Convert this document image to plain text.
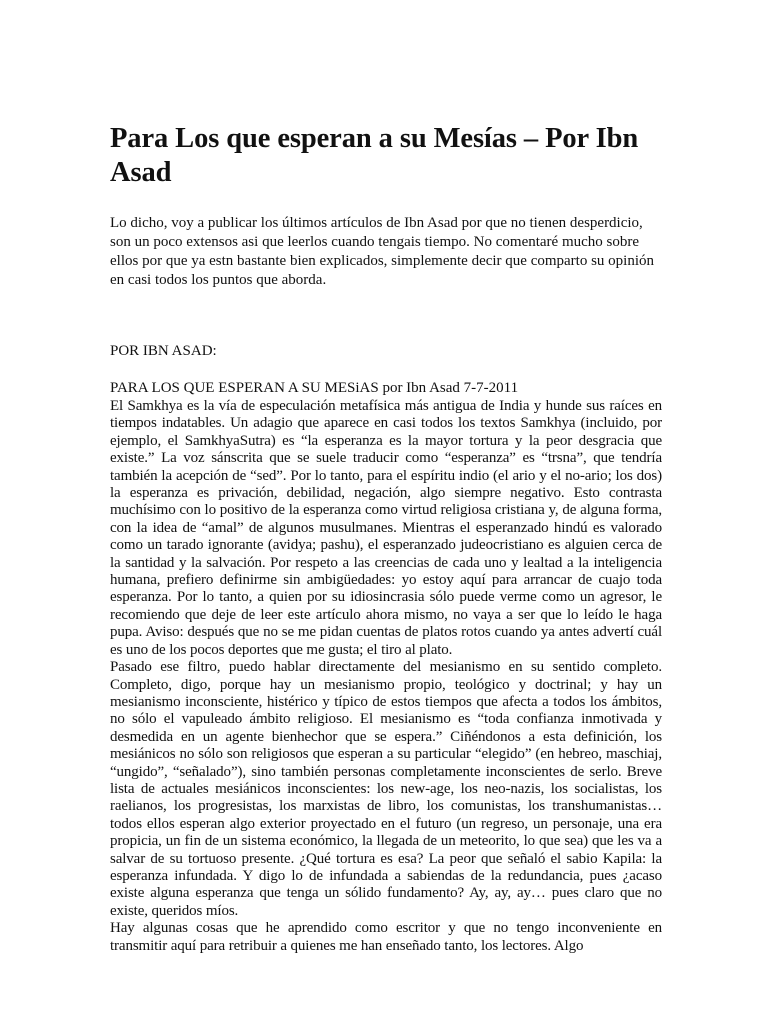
Para Los que esperan a su Mesías – Por Ibn Asad

Lo dicho, voy a publicar los últimos artículos de Ibn Asad por que no tienen desperdicio, son un poco extensos asi que leerlos cuando tengais tiempo. No comentaré mucho sobre ellos por que ya estn bastante bien explicados, simplemente decir que comparto su opinión en casi todos los puntos que aborda.

POR IBN ASAD:

PARA LOS QUE ESPERAN A SU MESiAS por Ibn Asad 7-7-2011

El Samkhya es la vía de especulación metafísica más antigua de India y hunde sus raíces en tiempos indatables. Un adagio que aparece en casi todos los textos Samkhya (incluido, por ejemplo, el SamkhyaSutra) es “la esperanza es la mayor tortura y la peor desgracia que existe.” La voz sánscrita que se suele traducir como “esperanza” es “trsna”, que tendría también la acepción de “sed”. Por lo tanto, para el espíritu indio (el ario y el no-ario; los dos) la esperanza es privación, debilidad, negación, algo siempre negativo. Esto contrasta muchísimo con lo positivo de la esperanza como virtud religiosa cristiana y, de alguna forma, con la idea de “amal” de algunos musulmanes. Mientras el esperanzado hindú es valorado como un tarado ignorante (avidya; pashu), el esperanzado judeocristiano es alguien cerca de la santidad y la salvación. Por respeto a las creencias de cada uno y lealtad a la inteligencia humana, prefiero definirme sin ambigüedades: yo estoy aquí para arrancar de cuajo toda esperanza. Por lo tanto, a quien por su idiosincrasia sólo puede verme como un agresor, le recomiendo que deje de leer este artículo ahora mismo, no vaya a ser que lo leído le haga pupa. Aviso: después que no se me pidan cuentas de platos rotos cuando ya antes advertí cuál es uno de los pocos deportes que me gusta; el tiro al plato.

Pasado ese filtro, puedo hablar directamente del mesianismo en su sentido completo. Completo, digo, porque hay un mesianismo propio, teológico y doctrinal; y hay un mesianismo inconsciente, histérico y típico de estos tiempos que afecta a todos los ámbitos, no sólo el vapuleado ámbito religioso. El mesianismo es “toda confianza inmotivada y desmedida en un agente bienhechor que se espera.” Ciñéndonos a esta definición, los mesiánicos no sólo son religiosos que esperan a su particular “elegido” (en hebreo, maschiaj, “ungido”, “señalado”), sino también personas completamente inconscientes de serlo. Breve lista de actuales mesiánicos inconscientes: los new-age, los neo-nazis, los socialistas, los raelianos, los progresistas, los marxistas de libro, los comunistas, los transhumanistas… todos ellos esperan algo exterior proyectado en el futuro (un regreso, un personaje, una era propicia, un fin de un sistema económico, la llegada de un meteorito, lo que sea) que les va a salvar de su tortuoso presente. ¿Qué tortura es esa? La peor que señaló el sabio Kapila: la esperanza infundada. Y digo lo de infundada a sabiendas de la redundancia, pues ¿acaso existe alguna esperanza que tenga un sólido fundamento? Ay, ay, ay… pues claro que no existe, queridos míos.

Hay algunas cosas que he aprendido como escritor y que no tengo inconveniente en transmitir aquí para retribuir a quienes me han enseñado tanto, los lectores. Algo
